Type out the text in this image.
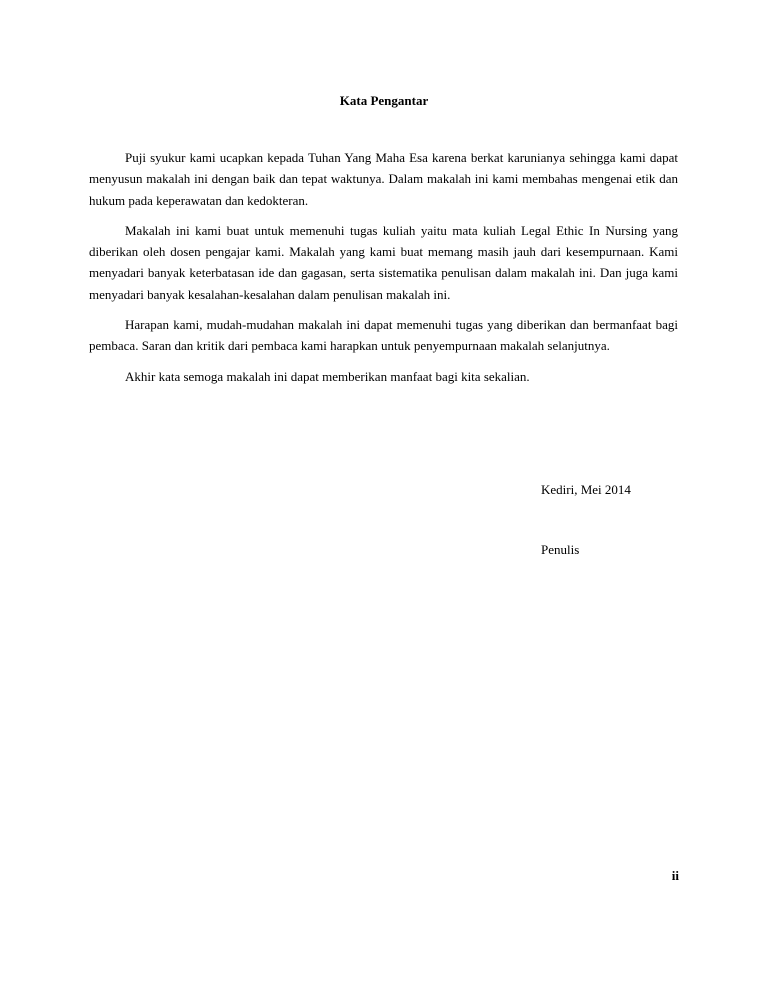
Kata Pengantar

Puji syukur kami ucapkan kepada Tuhan Yang Maha Esa karena berkat karunianya sehingga kami dapat menyusun makalah ini dengan baik dan tepat waktunya. Dalam makalah ini kami membahas mengenai etik dan hukum pada keperawatan dan kedokteran.

Makalah ini kami buat untuk memenuhi tugas kuliah yaitu mata kuliah Legal Ethic In Nursing yang diberikan oleh dosen pengajar kami. Makalah yang kami buat memang masih jauh dari kesempurnaan. Kami menyadari banyak keterbatasan ide dan gagasan, serta sistematika penulisan dalam makalah ini. Dan juga kami menyadari banyak kesalahan-kesalahan dalam penulisan makalah ini.

Harapan kami, mudah-mudahan makalah ini dapat memenuhi tugas yang diberikan dan bermanfaat bagi pembaca. Saran dan kritik dari pembaca kami harapkan untuk penyempurnaan makalah selanjutnya.

Akhir kata semoga makalah ini dapat memberikan manfaat bagi kita sekalian.

Kediri, Mei 2014
Penulis
ii
